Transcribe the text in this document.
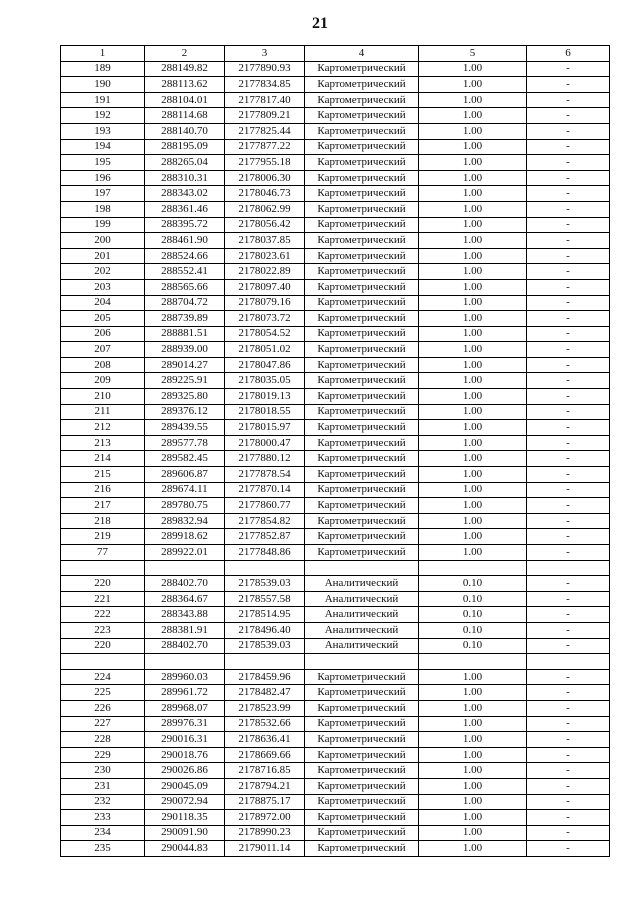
21
1	2	3	4	5	6
189	288149.82	2177890.93	Картометрический	1.00	-
190	288113.62	2177834.85	Картометрический	1.00	-
191	288104.01	2177817.40	Картометрический	1.00	-
192	288114.68	2177809.21	Картометрический	1.00	-
193	288140.70	2177825.44	Картометрический	1.00	-
194	288195.09	2177877.22	Картометрический	1.00	-
195	288265.04	2177955.18	Картометрический	1.00	-
196	288310.31	2178006.30	Картометрический	1.00	-
197	288343.02	2178046.73	Картометрический	1.00	-
198	288361.46	2178062.99	Картометрический	1.00	-
199	288395.72	2178056.42	Картометрический	1.00	-
200	288461.90	2178037.85	Картометрический	1.00	-
201	288524.66	2178023.61	Картометрический	1.00	-
202	288552.41	2178022.89	Картометрический	1.00	-
203	288565.66	2178097.40	Картометрический	1.00	-
204	288704.72	2178079.16	Картометрический	1.00	-
205	288739.89	2178073.72	Картометрический	1.00	-
206	288881.51	2178054.52	Картометрический	1.00	-
207	288939.00	2178051.02	Картометрический	1.00	-
208	289014.27	2178047.86	Картометрический	1.00	-
209	289225.91	2178035.05	Картометрический	1.00	-
210	289325.80	2178019.13	Картометрический	1.00	-
211	289376.12	2178018.55	Картометрический	1.00	-
212	289439.55	2178015.97	Картометрический	1.00	-
213	289577.78	2178000.47	Картометрический	1.00	-
214	289582.45	2177880.12	Картометрический	1.00	-
215	289606.87	2177878.54	Картометрический	1.00	-
216	289674.11	2177870.14	Картометрический	1.00	-
217	289780.75	2177860.77	Картометрический	1.00	-
218	289832.94	2177854.82	Картометрический	1.00	-
219	289918.62	2177852.87	Картометрический	1.00	-
77	289922.01	2177848.86	Картометрический	1.00	-

220	288402.70	2178539.03	Аналитический	0.10	-
221	288364.67	2178557.58	Аналитический	0.10	-
222	288343.88	2178514.95	Аналитический	0.10	-
223	288381.91	2178496.40	Аналитический	0.10	-
220	288402.70	2178539.03	Аналитический	0.10	-

224	289960.03	2178459.96	Картометрический	1.00	-
225	289961.72	2178482.47	Картометрический	1.00	-
226	289968.07	2178523.99	Картометрический	1.00	-
227	289976.31	2178532.66	Картометрический	1.00	-
228	290016.31	2178636.41	Картометрический	1.00	-
229	290018.76	2178669.66	Картометрический	1.00	-
230	290026.86	2178716.85	Картометрический	1.00	-
231	290045.09	2178794.21	Картометрический	1.00	-
232	290072.94	2178875.17	Картометрический	1.00	-
233	290118.35	2178972.00	Картометрический	1.00	-
234	290091.90	2178990.23	Картометрический	1.00	-
235	290044.83	2179011.14	Картометрический	1.00	-
